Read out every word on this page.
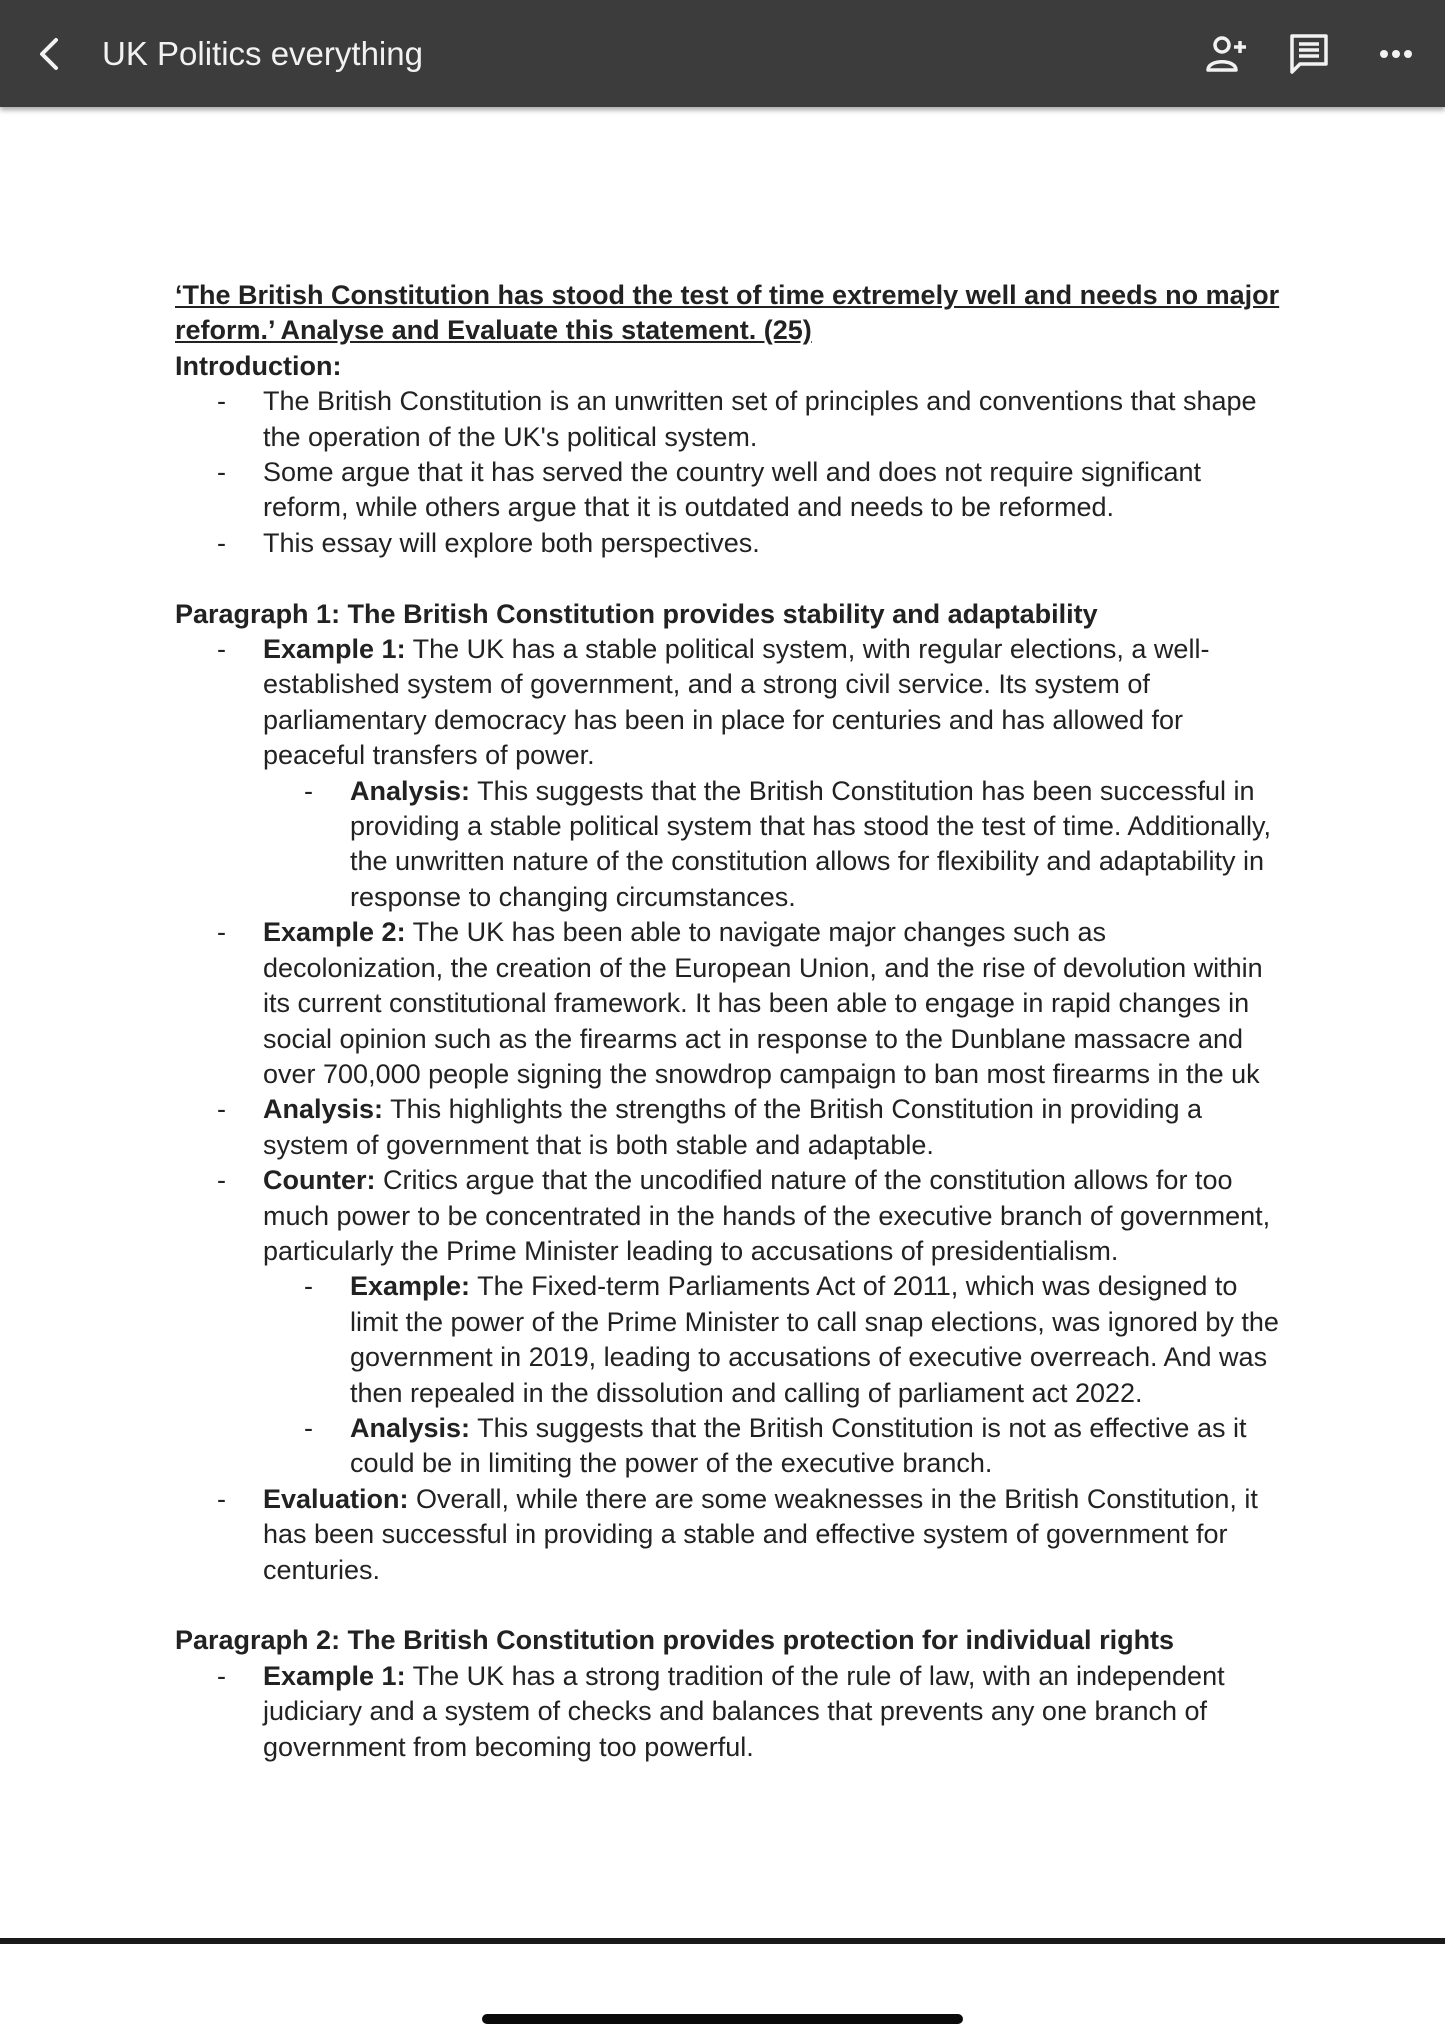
UK Politics everything
‘The British Constitution has stood the test of time extremely well and needs no major
reform.’ Analyse and Evaluate this statement. (25)
Introduction:
- The British Constitution is an unwritten set of principles and conventions that shape the operation of the UK's political system.
- Some argue that it has served the country well and does not require significant reform, while others argue that it is outdated and needs to be reformed.
- This essay will explore both perspectives.
Paragraph 1: The British Constitution provides stability and adaptability
- Example 1: The UK has a stable political system, with regular elections, a well-established system of government, and a strong civil service. Its system of parliamentary democracy has been in place for centuries and has allowed for peaceful transfers of power.
- Analysis: This suggests that the British Constitution has been successful in providing a stable political system that has stood the test of time. Additionally, the unwritten nature of the constitution allows for flexibility and adaptability in response to changing circumstances.
- Example 2: The UK has been able to navigate major changes such as decolonization, the creation of the European Union, and the rise of devolution within its current constitutional framework. It has been able to engage in rapid changes in social opinion such as the firearms act in response to the Dunblane massacre and over 700,000 people signing the snowdrop campaign to ban most firearms in the uk
- Analysis: This highlights the strengths of the British Constitution in providing a system of government that is both stable and adaptable.
- Counter: Critics argue that the uncodified nature of the constitution allows for too much power to be concentrated in the hands of the executive branch of government, particularly the Prime Minister leading to accusations of presidentialism.
- Example: The Fixed-term Parliaments Act of 2011, which was designed to limit the power of the Prime Minister to call snap elections, was ignored by the government in 2019, leading to accusations of executive overreach. And was then repealed in the dissolution and calling of parliament act 2022.
- Analysis: This suggests that the British Constitution is not as effective as it could be in limiting the power of the executive branch.
- Evaluation: Overall, while there are some weaknesses in the British Constitution, it has been successful in providing a stable and effective system of government for centuries.
Paragraph 2: The British Constitution provides protection for individual rights
- Example 1: The UK has a strong tradition of the rule of law, with an independent judiciary and a system of checks and balances that prevents any one branch of government from becoming too powerful.
